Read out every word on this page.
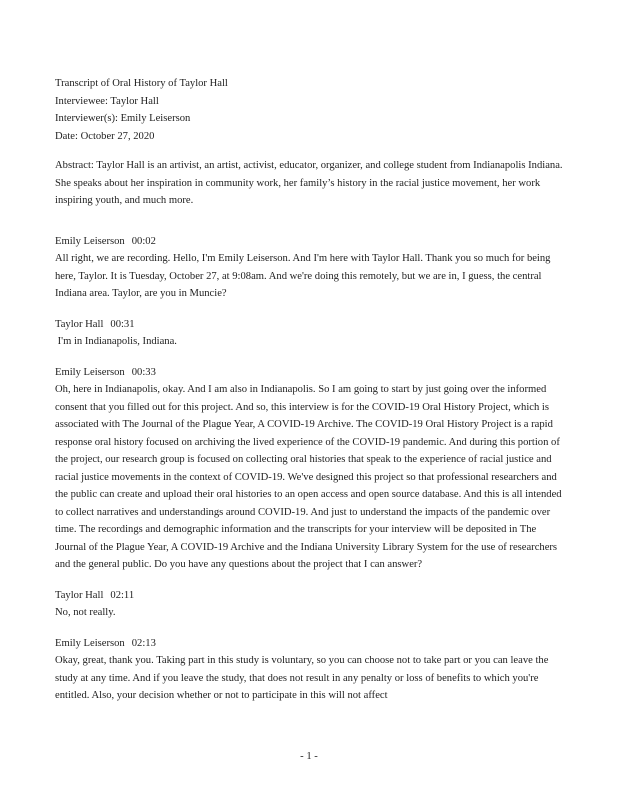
Transcript of Oral History of Taylor Hall
Interviewee: Taylor Hall
Interviewer(s): Emily Leiserson
Date: October 27, 2020

Abstract: Taylor Hall is an artivist, an artist, activist, educator, organizer, and college student from Indianapolis Indiana. She speaks about her inspiration in community work, her family’s history in the racial justice movement, her work inspiring youth, and much more.

Emily Leiserson 00:02

All right, we are recording. Hello, I'm Emily Leiserson. And I'm here with Taylor Hall. Thank you so much for being here, Taylor. It is Tuesday, October 27, at 9:08am. And we're doing this remotely, but we are in, I guess, the central Indiana area. Taylor, are you in Muncie?

Taylor Hall 00:31

I'm in Indianapolis, Indiana.

Emily Leiserson 00:33

Oh, here in Indianapolis, okay. And I am also in Indianapolis. So I am going to start by just going over the informed consent that you filled out for this project. And so, this interview is for the COVID-19 Oral History Project, which is associated with The Journal of the Plague Year, A COVID-19 Archive. The COVID-19 Oral History Project is a rapid response oral history focused on archiving the lived experience of the COVID-19 pandemic. And during this portion of the project, our research group is focused on collecting oral histories that speak to the experience of racial justice and racial justice movements in the context of COVID-19. We've designed this project so that professional researchers and the public can create and upload their oral histories to an open access and open source database. And this is all intended to collect narratives and understandings around COVID-19. And just to understand the impacts of the pandemic over time. The recordings and demographic information and the transcripts for your interview will be deposited in The Journal of the Plague Year, A COVID-19 Archive and the Indiana University Library System for the use of researchers and the general public. Do you have any questions about the project that I can answer?

Taylor Hall 02:11

No, not really.

Emily Leiserson 02:13

Okay, great, thank you. Taking part in this study is voluntary, so you can choose not to take part or you can leave the study at any time. And if you leave the study, that does not result in any penalty or loss of benefits to which you're entitled. Also, your decision whether or not to participate in this will not affect

- 1 -
